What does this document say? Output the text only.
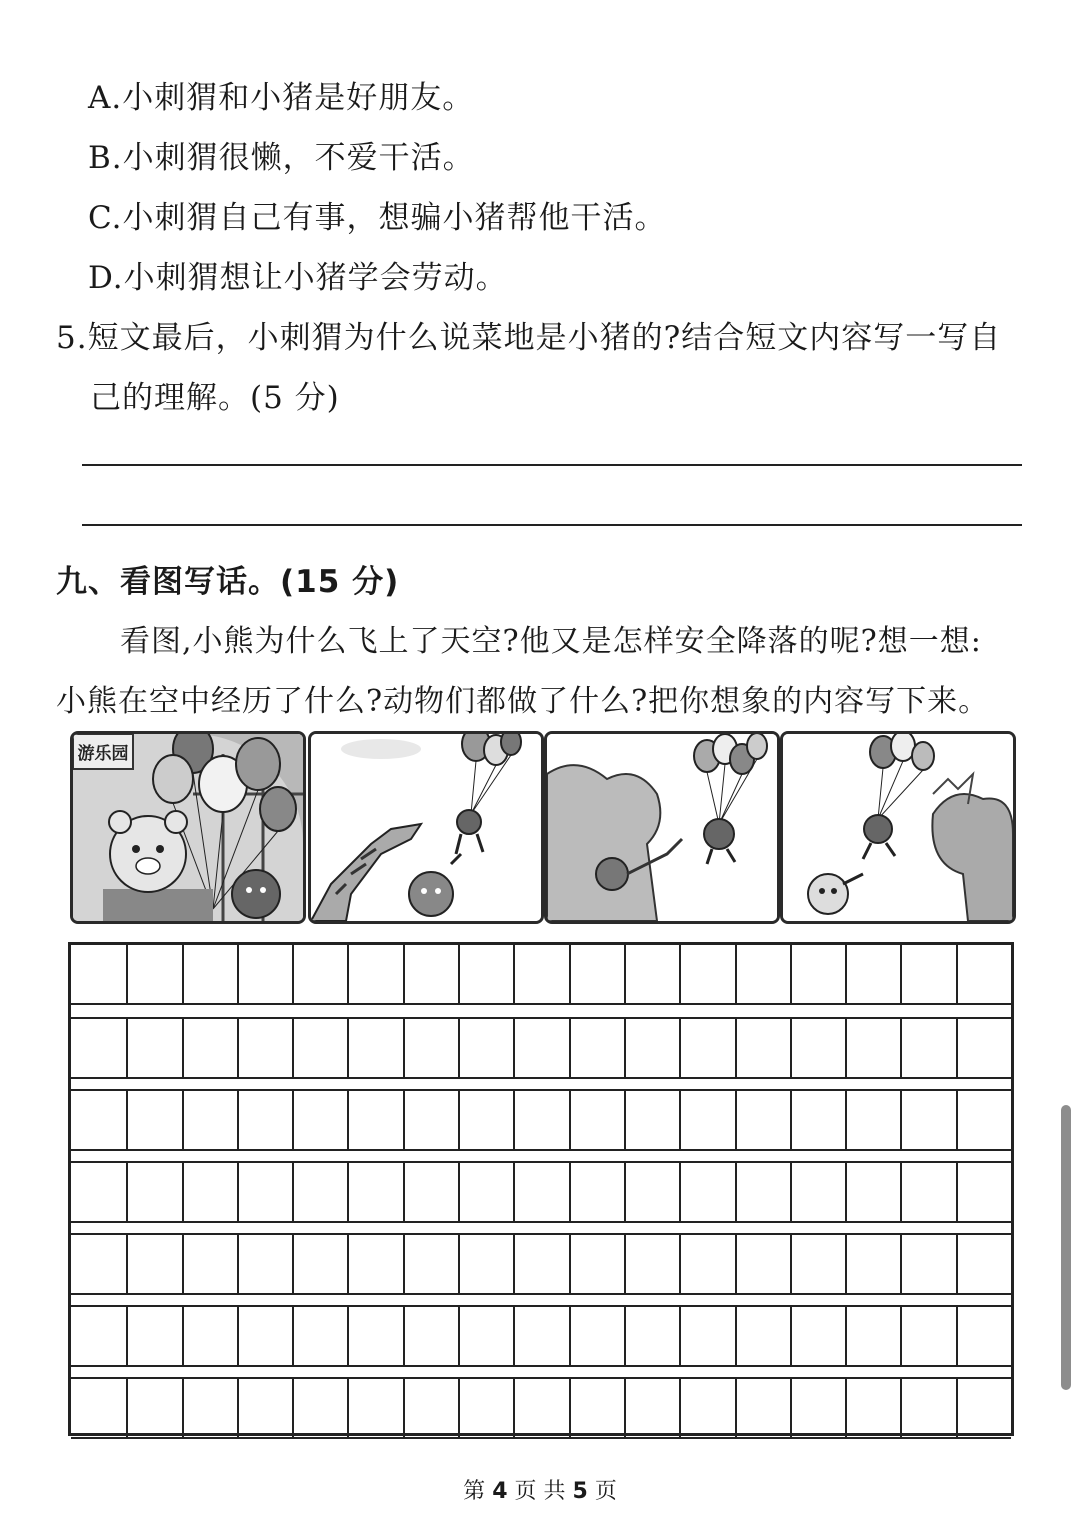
A.小刺猬和小猪是好朋友。
B.小刺猬很懒，不爱干活。
C.小刺猬自己有事，想骗小猪帮他干活。
D.小刺猬想让小猪学会劳动。
5.短文最后，小刺猬为什么说菜地是小猪的?结合短文内容写一写自
己的理解。(5 分)
九、看图写话。(15 分)
看图,小熊为什么飞上了天空?他又是怎样安全降落的呢?想一想:
小熊在空中经历了什么?动物们都做了什么?把你想象的内容写下来。
游乐园
第 4 页 共 5 页
